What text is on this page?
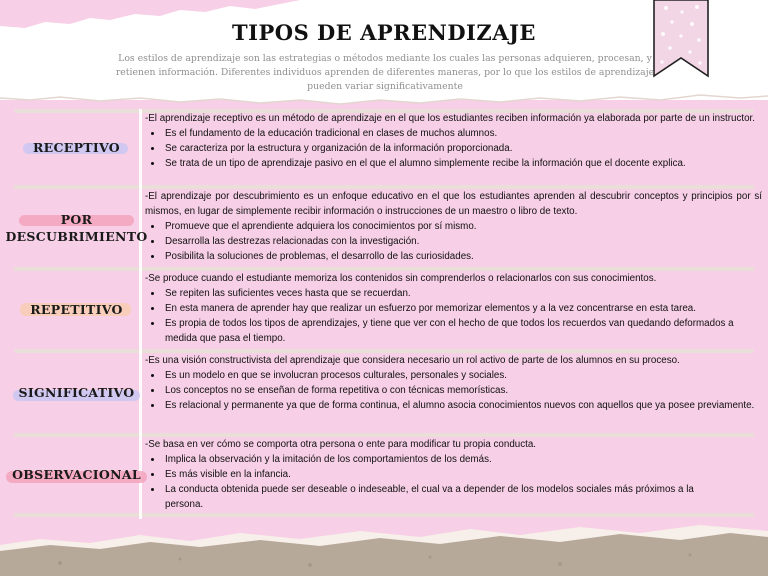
TIPOS DE APRENDIZAJE
Los estilos de aprendizaje son las estrategias o métodos mediante los cuales las personas adquieren, procesan, y retienen información. Diferentes individuos aprenden de diferentes maneras, por lo que los estilos de aprendizaje pueden variar significativamente
RECEPTIVO

-El aprendizaje receptivo es un método de aprendizaje en el que los estudiantes reciben información ya elaborada por parte de un instructor.

• Es el fundamento de la educación tradicional en clases de muchos alumnos.
• Se caracteriza por la estructura y organización de la información proporcionada.
• Se trata de un tipo de aprendizaje pasivo en el que el alumno simplemente recibe la información que el docente explica.
POR
DESCUBRIMIENTO

-El aprendizaje por descubrimiento es un enfoque educativo en el que los estudiantes aprenden al descubrir conceptos y principios por sí mismos, en lugar de simplemente recibir información o instrucciones de un maestro o libro de texto.

• Promueve que el aprendiente adquiera los conocimientos por sí mismo.
• Desarrolla las destrezas relacionadas con la investigación.
• Posibilita la soluciones de problemas, el desarrollo de las curiosidades.
REPETITIVO

-Se produce cuando el estudiante memoriza los contenidos sin comprenderlos o relacionarlos con sus conocimientos.

• Se repiten las suficientes veces hasta que se recuerdan.
• En esta manera de aprender hay que realizar un esfuerzo por memorizar elementos y a la vez concentrarse en esta tarea.
• Es propia de todos los tipos de aprendizajes, y tiene que ver con el hecho de que todos los recuerdos van quedando deformados a medida que pasa el tiempo.
SIGNIFICATIVO

-Es una visión constructivista del aprendizaje que considera necesario un rol activo de parte de los alumnos en su proceso.

• Es un modelo en que se involucran procesos culturales, personales y sociales.
• Los conceptos no se enseñan de forma repetitiva o con técnicas memorísticas.
• Es relacional y permanente ya que de forma continua, el alumno asocia conocimientos nuevos con aquellos que ya posee previamente.
OBSERVACIONAL

-Se basa en ver cómo se comporta otra persona o ente para modificar tu propia conducta.

• Implica la observación y la imitación de los comportamientos de los demás.
• Es más visible en la infancia.
• La conducta obtenida puede ser deseable o indeseable, el cual va a depender de los modelos sociales más próximos a la persona.
